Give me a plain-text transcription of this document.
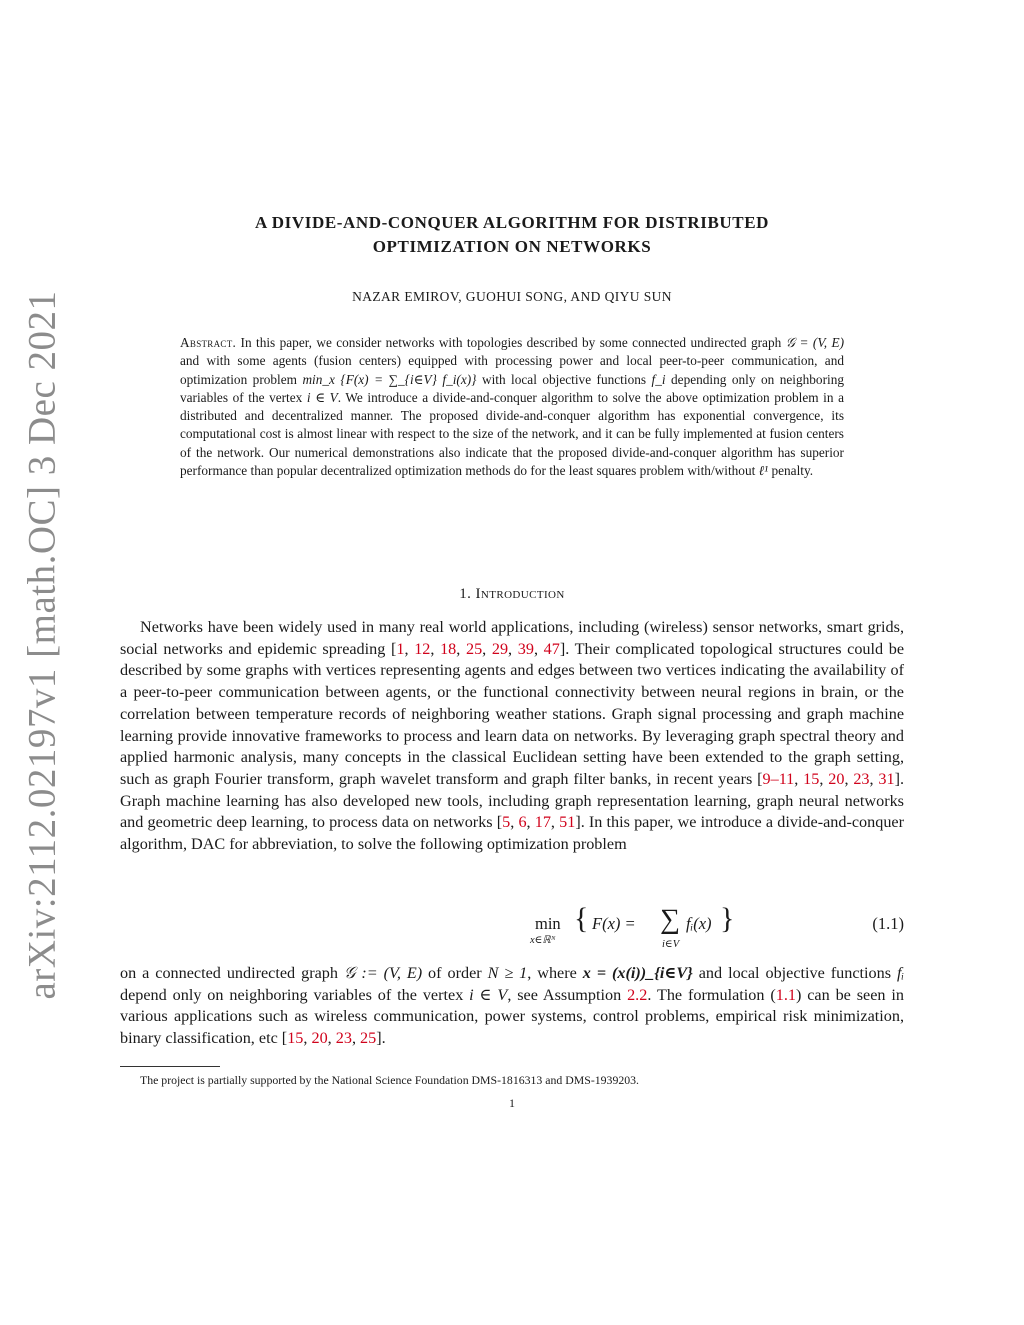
arXiv:2112.02197v1 [math.OC] 3 Dec 2021
A DIVIDE-AND-CONQUER ALGORITHM FOR DISTRIBUTED
OPTIMIZATION ON NETWORKS
NAZAR EMIROV, GUOHUI SONG, AND QIYU SUN
Abstract. In this paper, we consider networks with topologies described by some connected undirected graph 𝒢 = (V, E) and with some agents (fusion centers) equipped with processing power and local peer-to-peer communication, and optimization problem min_x {F(x) = ∑_{i∈V} f_i(x)} with local objective functions f_i depending only on neighboring variables of the vertex i ∈ V. We introduce a divide-and-conquer algorithm to solve the above optimization problem in a distributed and decentralized manner. The proposed divide-and-conquer algorithm has exponential convergence, its computational cost is almost linear with respect to the size of the network, and it can be fully implemented at fusion centers of the network. Our numerical demonstrations also indicate that the proposed divide-and-conquer algorithm has superior performance than popular decentralized optimization methods do for the least squares problem with/without ℓ¹ penalty.
1. Introduction
Networks have been widely used in many real world applications, including (wireless) sensor networks, smart grids, social networks and epidemic spreading [1, 12, 18, 25, 29, 39, 47]. Their complicated topological structures could be described by some graphs with vertices representing agents and edges between two vertices indicating the availability of a peer-to-peer communication between agents, or the functional connectivity between neural regions in brain, or the correlation between temperature records of neighboring weather stations. Graph signal processing and graph machine learning provide innovative frameworks to process and learn data on networks. By leveraging graph spectral theory and applied harmonic analysis, many concepts in the classical Euclidean setting have been extended to the graph setting, such as graph Fourier transform, graph wavelet transform and graph filter banks, in recent years [9–11, 15, 20, 23, 31]. Graph machine learning has also developed new tools, including graph representation learning, graph neural networks and geometric deep learning, to process data on networks [5, 6, 17, 51]. In this paper, we introduce a divide-and-conquer algorithm, DAC for abbreviation, to solve the following optimization problem
min
x∈ℝᴺ
{ F(x) = ∑
i∈V
fᵢ(x) }	(1.1)
on a connected undirected graph 𝒢 := (V, E) of order N ≥ 1, where x = (x(i))_{i∈V} and local objective functions fᵢ depend only on neighboring variables of the vertex i ∈ V, see Assumption 2.2. The formulation (1.1) can be seen in various applications such as wireless communication, power systems, control problems, empirical risk minimization, binary classification, etc [15, 20, 23, 25].
The project is partially supported by the National Science Foundation DMS-1816313 and DMS-1939203.
1
